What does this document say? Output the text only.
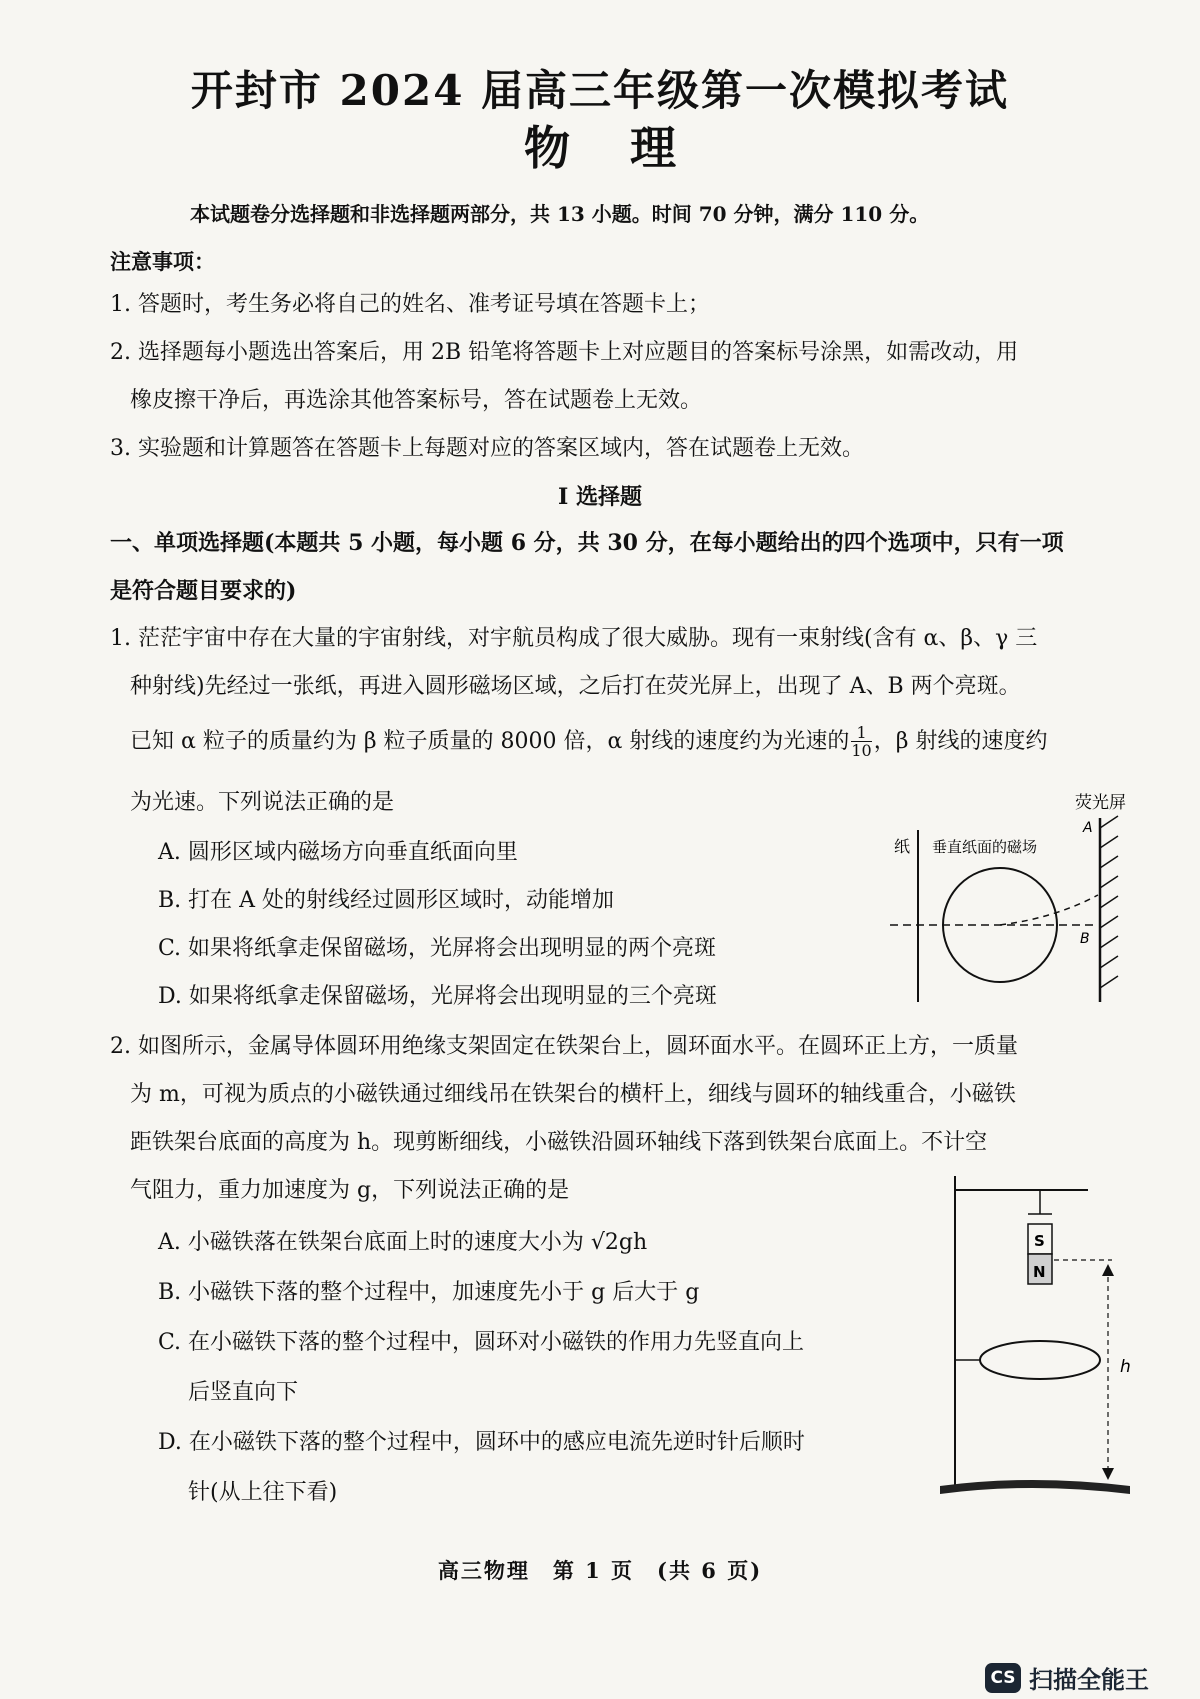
开封市 2024 届高三年级第一次模拟考试
物理
本试题卷分选择题和非选择题两部分，共 13 小题。时间 70 分钟，满分 110 分。
注意事项：
1. 答题时，考生务必将自己的姓名、准考证号填在答题卡上；
2. 选择题每小题选出答案后，用 2B 铅笔将答题卡上对应题目的答案标号涂黑，如需改动，用
橡皮擦干净后，再选涂其他答案标号，答在试题卷上无效。
3. 实验题和计算题答在答题卡上每题对应的答案区域内，答在试题卷上无效。
Ⅰ 选择题
一、单项选择题(本题共 5 小题，每小题 6 分，共 30 分，在每小题给出的四个选项中，只有一项
是符合题目要求的)
1. 茫茫宇宙中存在大量的宇宙射线，对宇航员构成了很大威胁。现有一束射线(含有 α、β、γ 三
种射线)先经过一张纸，再进入圆形磁场区域，之后打在荧光屏上，出现了 A、B 两个亮斑。
已知 α 粒子的质量约为 β 粒子质量的 8000 倍，α 射线的速度约为光速的 $\frac{1}{10}$ ，β 射线的速度约
为光速。下列说法正确的是
A. 圆形区域内磁场方向垂直纸面向里
B. 打在 A 处的射线经过圆形区域时，动能增加
C. 如果将纸拿走保留磁场，光屏将会出现明显的两个亮斑
D. 如果将纸拿走保留磁场，光屏将会出现明显的三个亮斑
荧光屏
纸 垂直纸面的磁场
A
B
2. 如图所示，金属导体圆环用绝缘支架固定在铁架台上，圆环面水平。在圆环正上方，一质量
为 m，可视为质点的小磁铁通过细线吊在铁架台的横杆上，细线与圆环的轴线重合，小磁铁
距铁架台底面的高度为 h。现剪断细线，小磁铁沿圆环轴线下落到铁架台底面上。不计空
气阻力，重力加速度为 g，下列说法正确的是
A. 小磁铁落在铁架台底面上时的速度大小为 √2gh
B. 小磁铁下落的整个过程中，加速度先小于 g 后大于 g
C. 在小磁铁下落的整个过程中，圆环对小磁铁的作用力先竖直向上
后竖直向下
D. 在小磁铁下落的整个过程中，圆环中的感应电流先逆时针后顺时
针(从上往下看)
S
N
h
高三物理　第 1 页　(共 6 页)
CS 扫描全能王
